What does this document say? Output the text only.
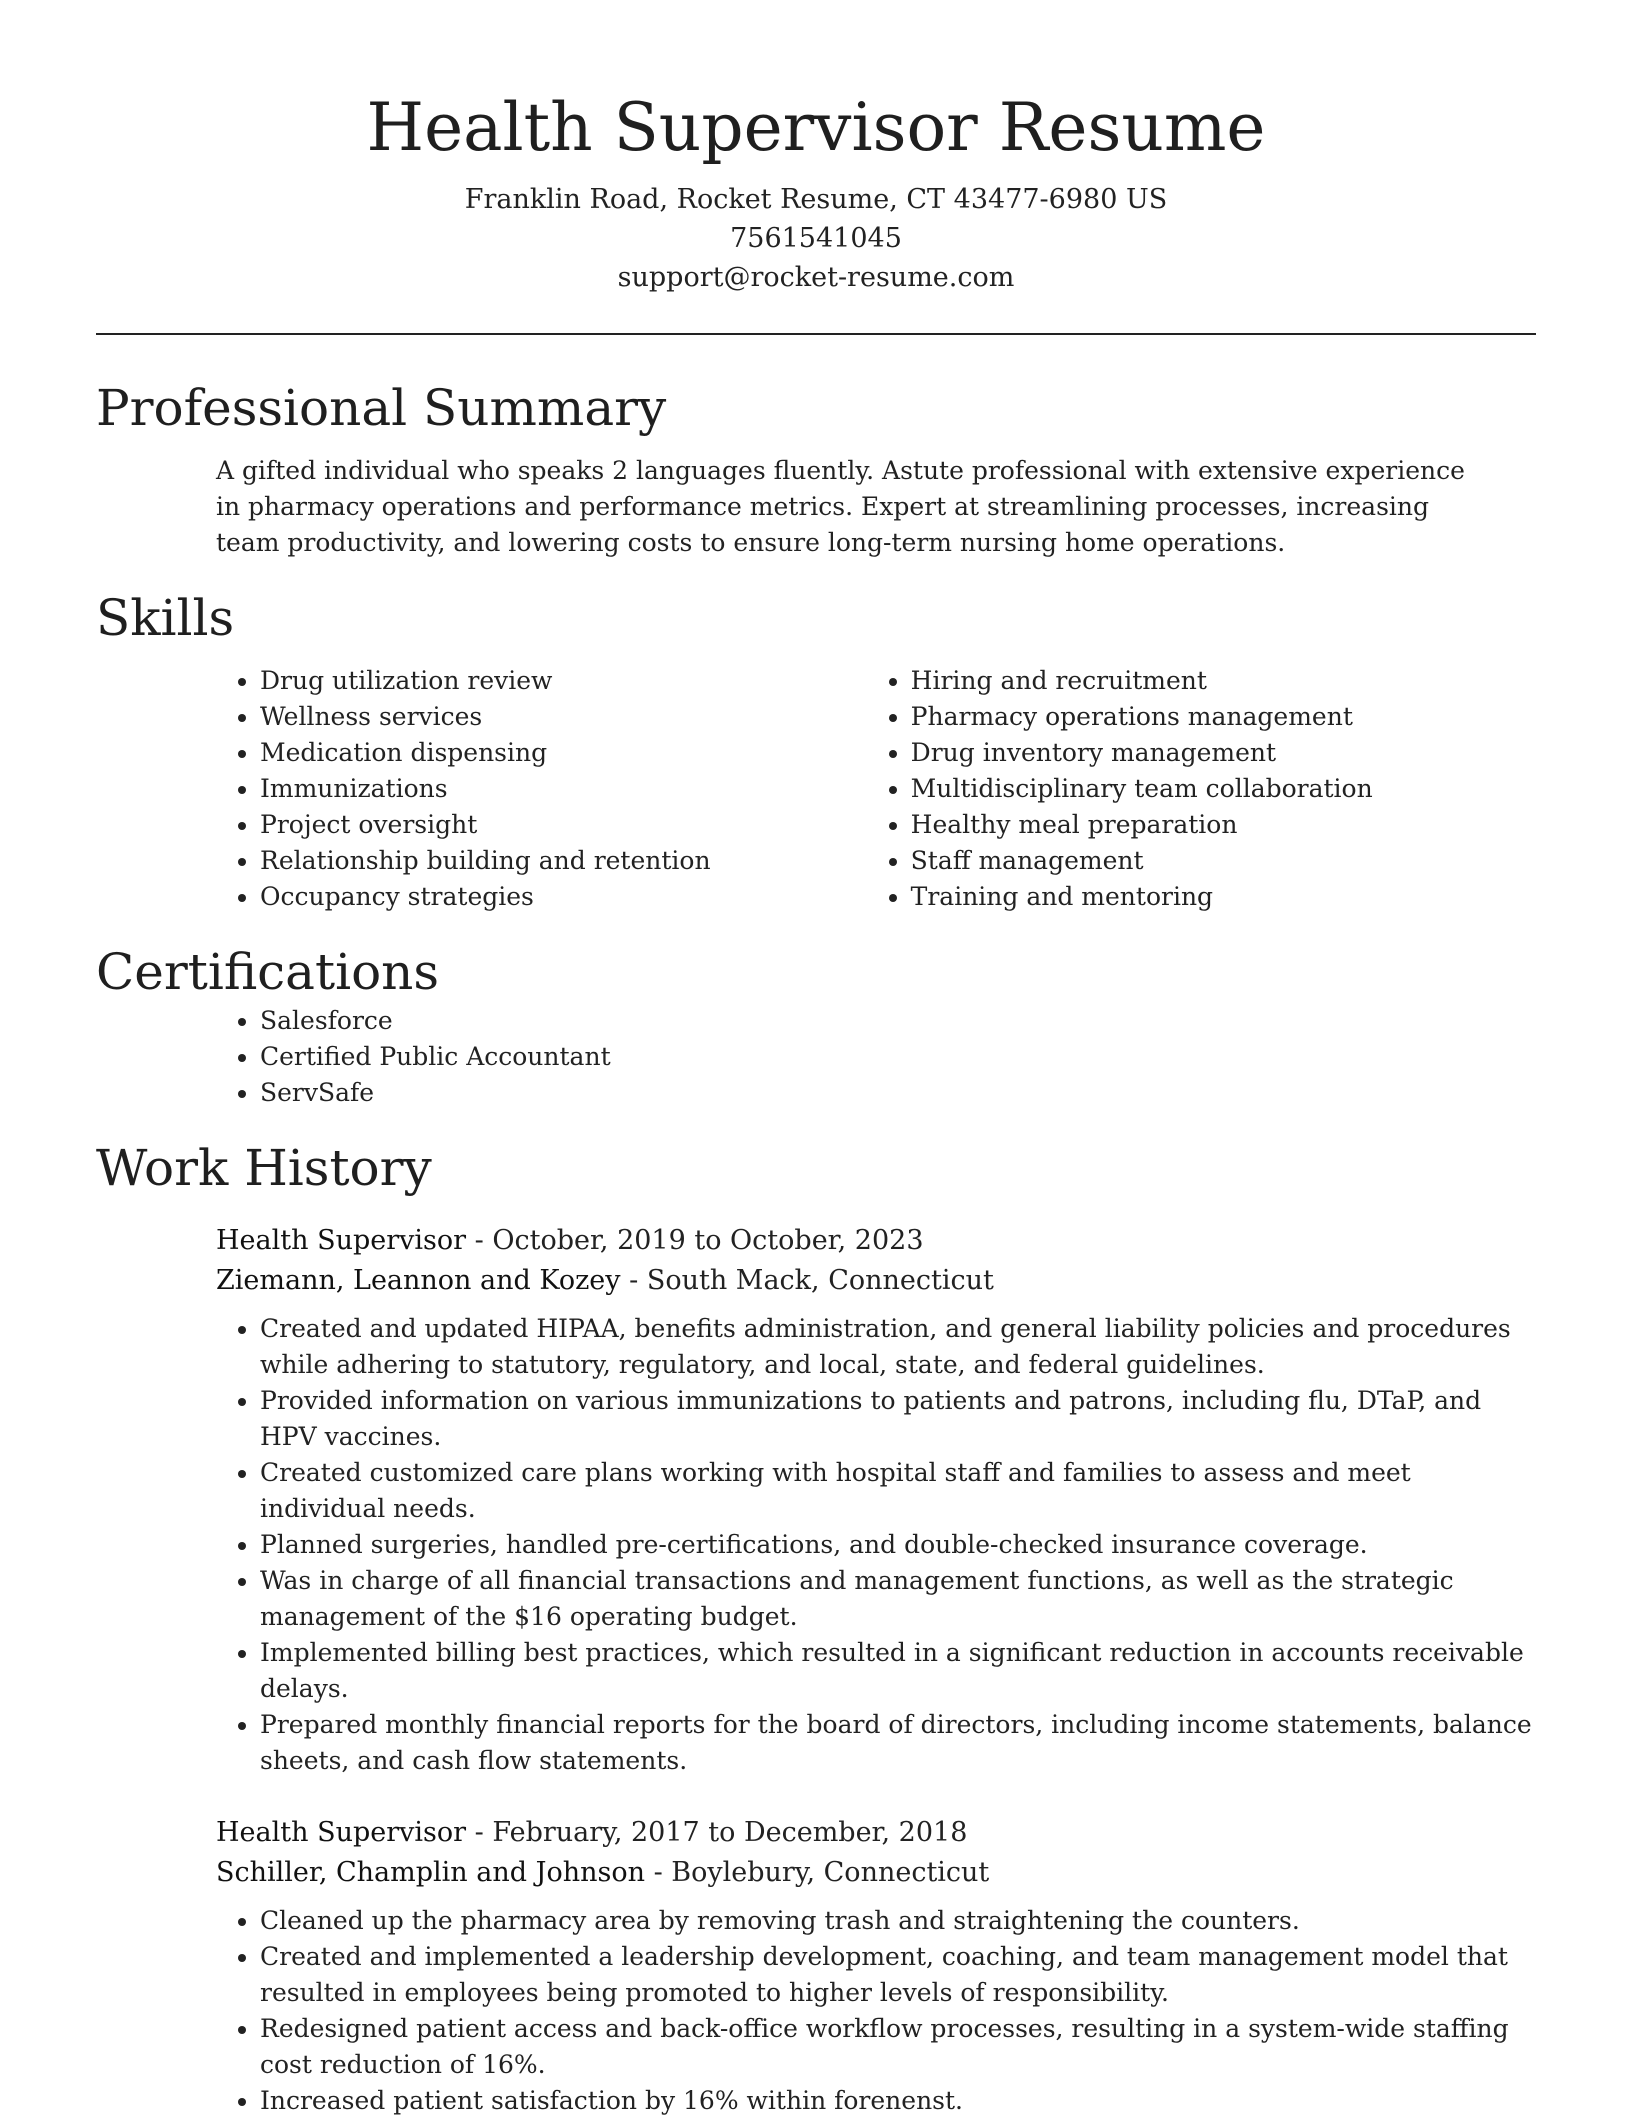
Health Supervisor Resume

Franklin Road, Rocket Resume, CT 43477-6980 US

7561541045

support@rocket-resume.com

Professional Summary

A gifted individual who speaks 2 languages fluently. Astute professional with extensive experience in pharmacy operations and performance metrics. Expert at streamlining processes, increasing team productivity, and lowering costs to ensure long-term nursing home operations.

Skills
• Drug utilization review
• Wellness services
• Medication dispensing
• Immunizations
• Project oversight
• Relationship building and retention
• Occupancy strategies
• Hiring and recruitment
• Pharmacy operations management
• Drug inventory management
• Multidisciplinary team collaboration
• Healthy meal preparation
• Staff management
• Training and mentoring
Certifications
• Salesforce
• Certified Public Accountant
• ServSafe
Work History

Health Supervisor - October, 2019 to October, 2023

Ziemann, Leannon and Kozey - South Mack, Connecticut

• Created and updated HIPAA, benefits administration, and general liability policies and procedures while adhering to statutory, regulatory, and local, state, and federal guidelines.
• Provided information on various immunizations to patients and patrons, including flu, DTaP, and HPV vaccines.
• Created customized care plans working with hospital staff and families to assess and meet individual needs.
• Planned surgeries, handled pre-certifications, and double-checked insurance coverage.
• Was in charge of all financial transactions and management functions, as well as the strategic management of the $16 operating budget.
• Implemented billing best practices, which resulted in a significant reduction in accounts receivable delays.
• Prepared monthly financial reports for the board of directors, including income statements, balance sheets, and cash flow statements.

Health Supervisor - February, 2017 to December, 2018

Schiller, Champlin and Johnson - Boylebury, Connecticut

• Cleaned up the pharmacy area by removing trash and straightening the counters.
• Created and implemented a leadership development, coaching, and team management model that resulted in employees being promoted to higher levels of responsibility.
• Redesigned patient access and back-office workflow processes, resulting in a system-wide staffing cost reduction of 16%.
• Increased patient satisfaction by 16% within forenenst.
